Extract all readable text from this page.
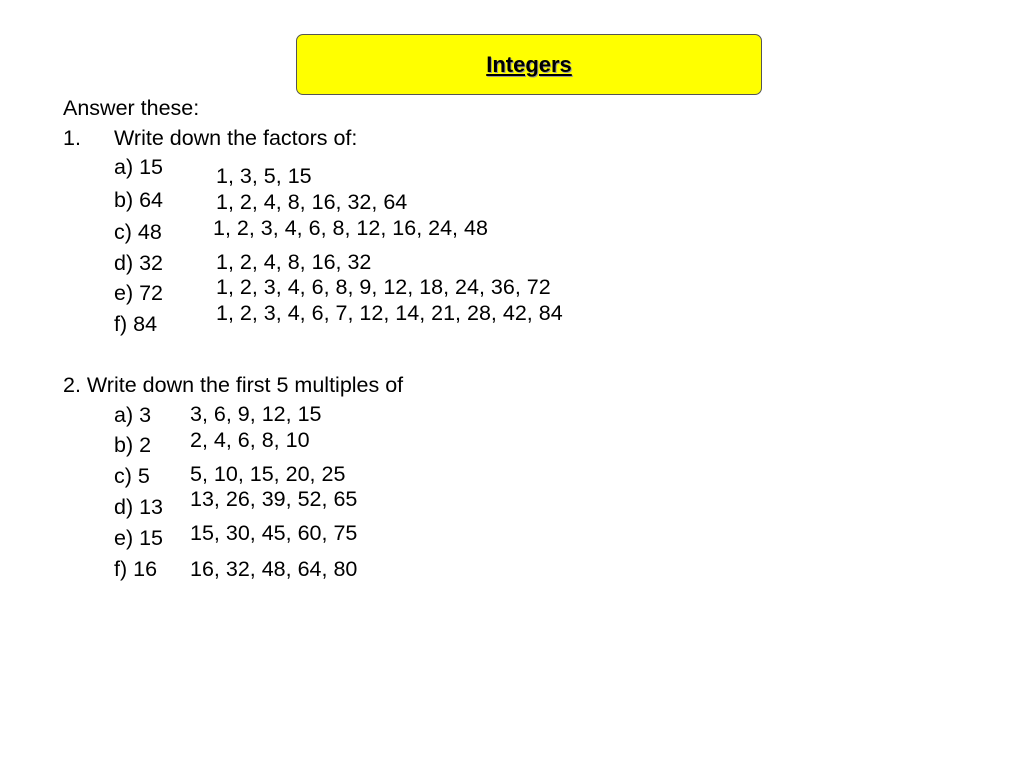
Integers
Answer these:
1. Write down the factors of:
a) 15
b) 64
c) 48
d) 32
e) 72
f) 84
1, 3, 5, 15
1, 2, 4, 8, 16, 32, 64
1, 2, 3, 4, 6, 8, 12, 16, 24, 48
1, 2, 4, 8, 16, 32
1, 2, 3, 4, 6, 8, 9, 12, 18, 24, 36, 72
1, 2, 3, 4, 6, 7, 12, 14, 21, 28, 42, 84
2. Write down the first 5 multiples of
a) 3
b) 2
c) 5
d) 13
e) 15
f) 16
3, 6, 9, 12, 15
2, 4, 6, 8, 10
5, 10, 15, 20, 25
13, 26, 39, 52, 65
15, 30, 45, 60, 75
16, 32, 48, 64, 80
